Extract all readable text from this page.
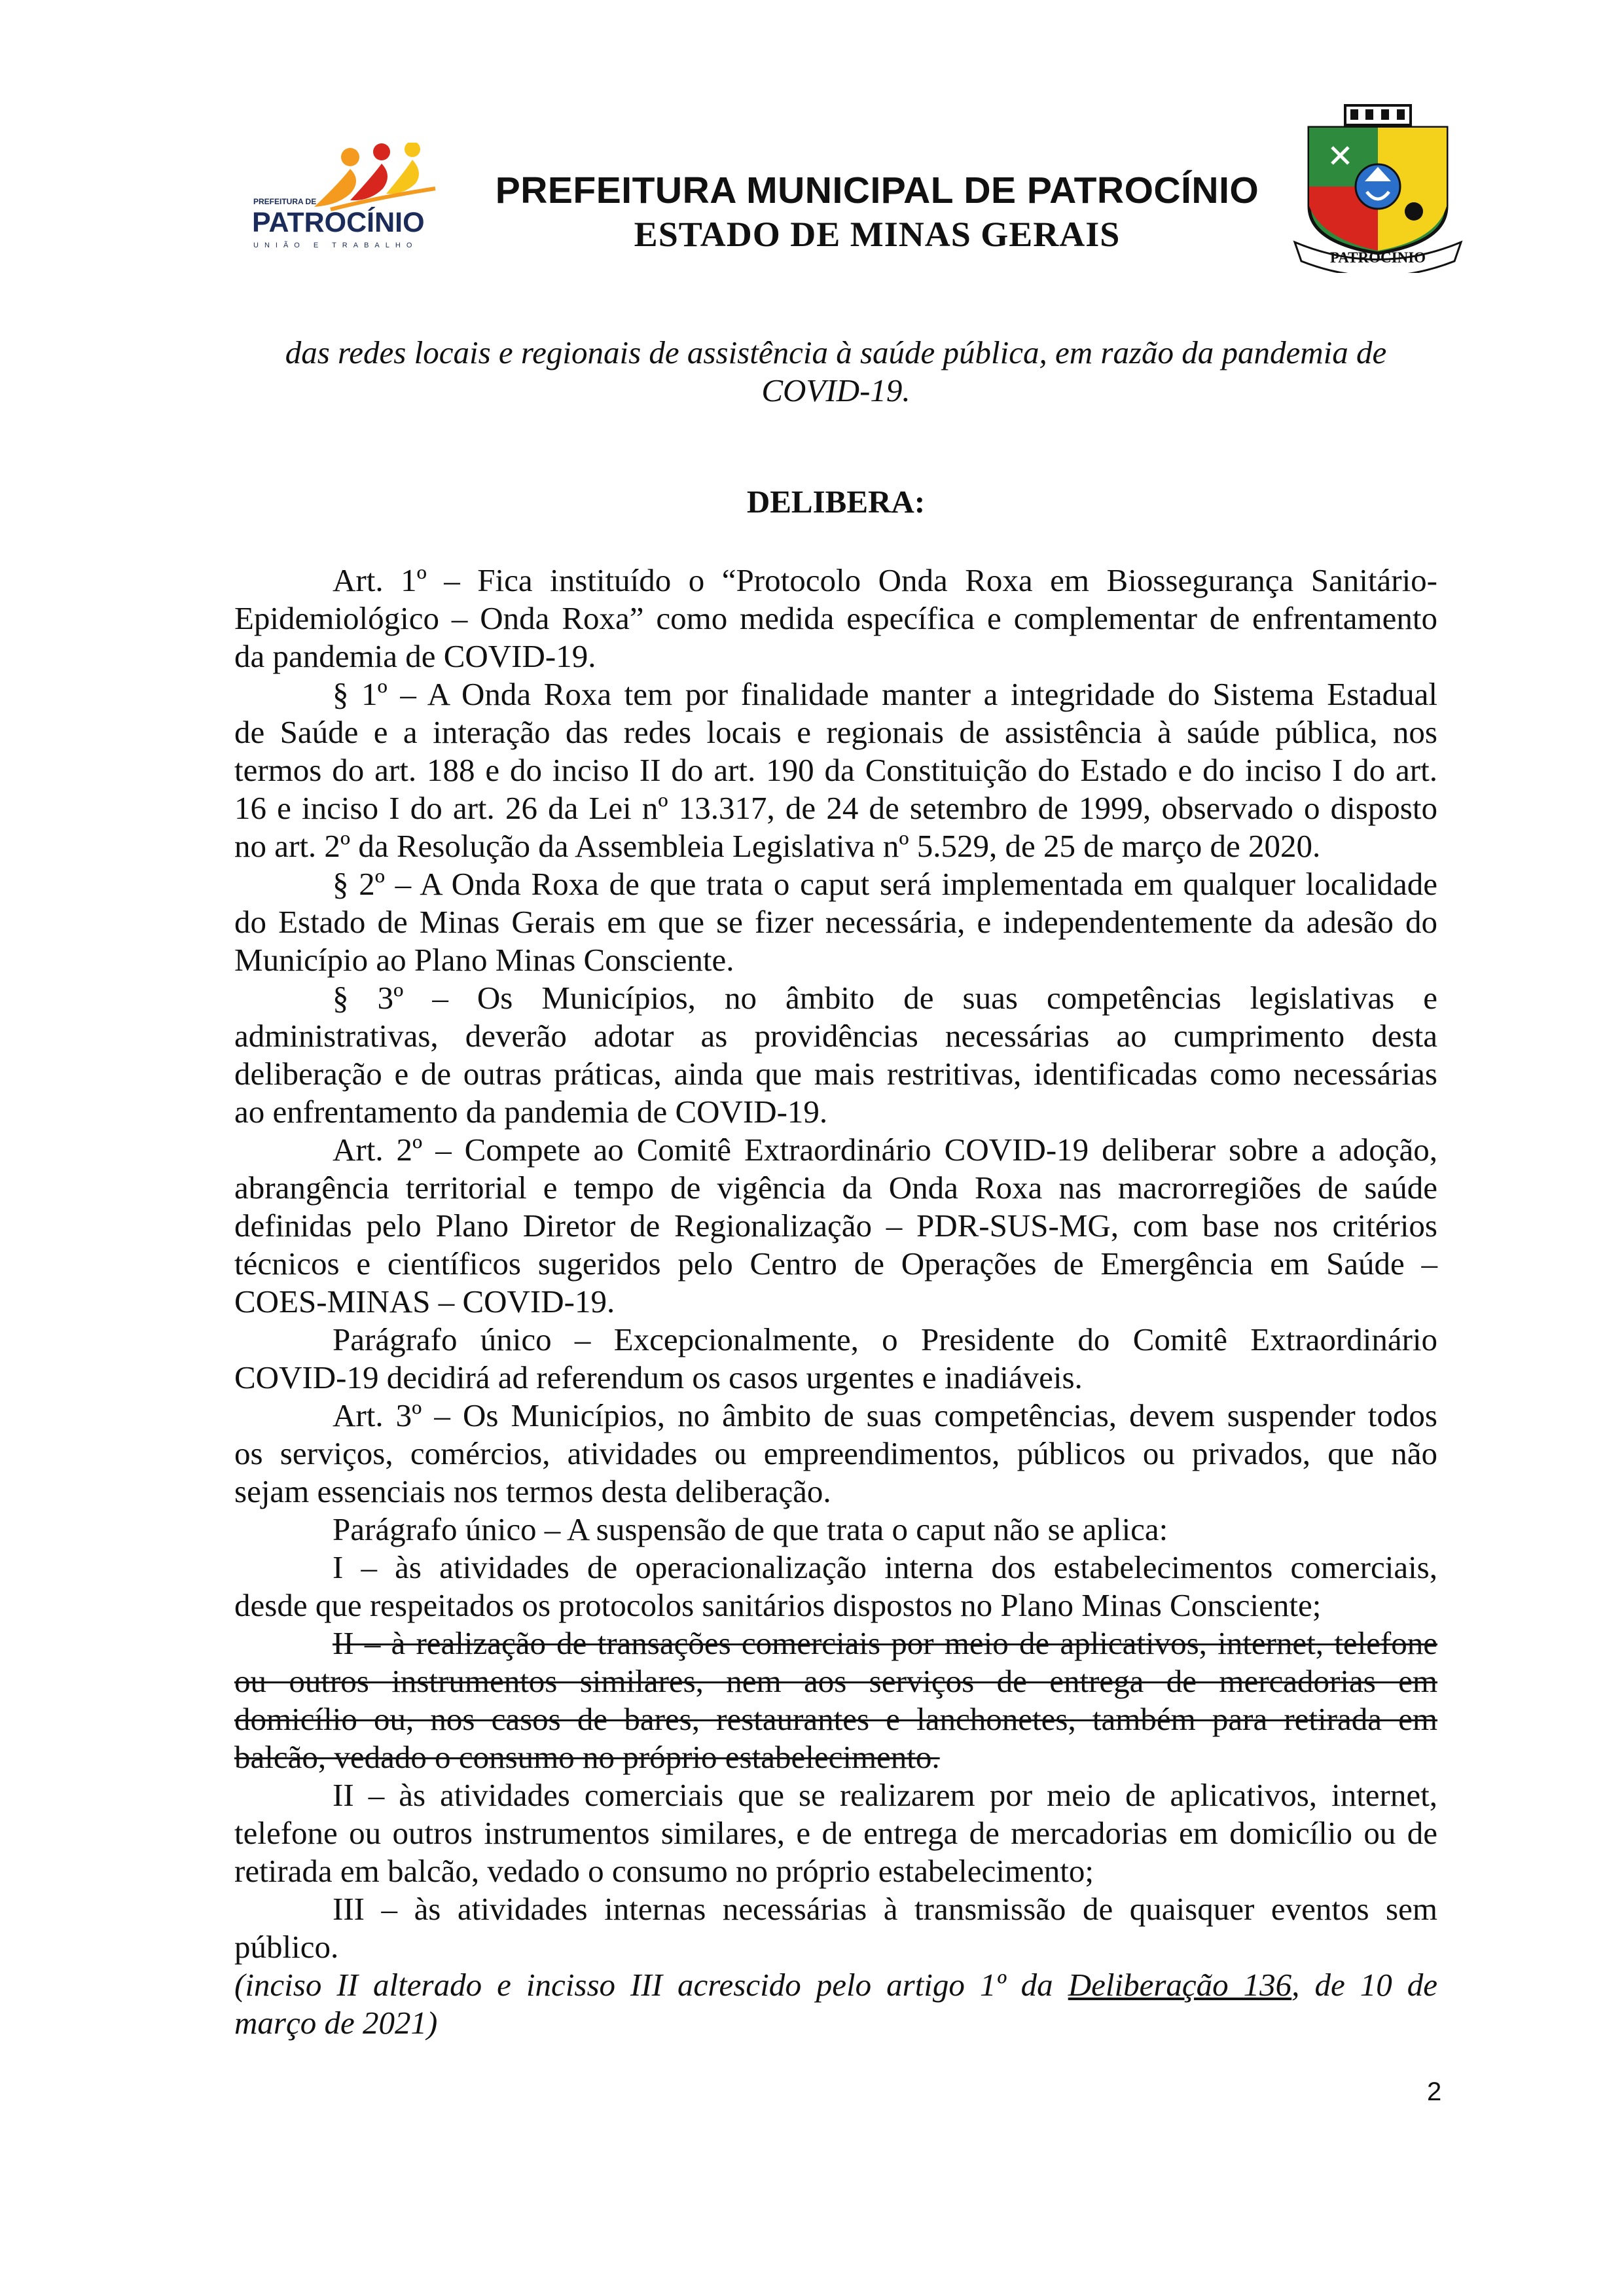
PREFEITURA DE
PATROCÍNIO
UNIÃO E TRABALHO
PREFEITURA MUNICIPAL DE PATROCÍNIO
ESTADO DE MINAS GERAIS
PATROCÍNIO
das redes locais e regionais de assistência à saúde pública, em razão da pandemia de
COVID-19.
DELIBERA:
Art. 1º – Fica instituído o “Protocolo Onda Roxa em Biossegurança Sanitário-
Epidemiológico – Onda Roxa” como medida específica e complementar de enfrentamento
da pandemia de COVID-19.
§ 1º – A Onda Roxa tem por finalidade manter a integridade do Sistema Estadual
de Saúde e a interação das redes locais e regionais de assistência à saúde pública, nos
termos do art. 188 e do inciso II do art. 190 da Constituição do Estado e do inciso I do art.
16 e inciso I do art. 26 da Lei nº 13.317, de 24 de setembro de 1999, observado o disposto
no art. 2º da Resolução da Assembleia Legislativa nº 5.529, de 25 de março de 2020.
§ 2º – A Onda Roxa de que trata o caput será implementada em qualquer localidade
do Estado de Minas Gerais em que se fizer necessária, e independentemente da adesão do
Município ao Plano Minas Consciente.
§ 3º – Os Municípios, no âmbito de suas competências legislativas e
administrativas, deverão adotar as providências necessárias ao cumprimento desta
deliberação e de outras práticas, ainda que mais restritivas, identificadas como necessárias
ao enfrentamento da pandemia de COVID-19.
Art. 2º – Compete ao Comitê Extraordinário COVID-19 deliberar sobre a adoção,
abrangência territorial e tempo de vigência da Onda Roxa nas macrorregiões de saúde
definidas pelo Plano Diretor de Regionalização – PDR-SUS-MG, com base nos critérios
técnicos e científicos sugeridos pelo Centro de Operações de Emergência em Saúde –
COES-MINAS – COVID-19.
Parágrafo único – Excepcionalmente, o Presidente do Comitê Extraordinário
COVID-19 decidirá ad referendum os casos urgentes e inadiáveis.
Art. 3º – Os Municípios, no âmbito de suas competências, devem suspender todos
os serviços, comércios, atividades ou empreendimentos, públicos ou privados, que não
sejam essenciais nos termos desta deliberação.
Parágrafo único – A suspensão de que trata o caput não se aplica:
I – às atividades de operacionalização interna dos estabelecimentos comerciais,
desde que respeitados os protocolos sanitários dispostos no Plano Minas Consciente;
II – à realização de transações comerciais por meio de aplicativos, internet, telefone
ou outros instrumentos similares, nem aos serviços de entrega de mercadorias em
domicílio ou, nos casos de bares, restaurantes e lanchonetes, também para retirada em
balcão, vedado o consumo no próprio estabelecimento.
II – às atividades comerciais que se realizarem por meio de aplicativos, internet,
telefone ou outros instrumentos similares, e de entrega de mercadorias em domicílio ou de
retirada em balcão, vedado o consumo no próprio estabelecimento;
III – às atividades internas necessárias à transmissão de quaisquer eventos sem
público.
(inciso II alterado e incisso III acrescido pelo artigo 1º da Deliberação 136, de 10 de
março de 2021)
2
